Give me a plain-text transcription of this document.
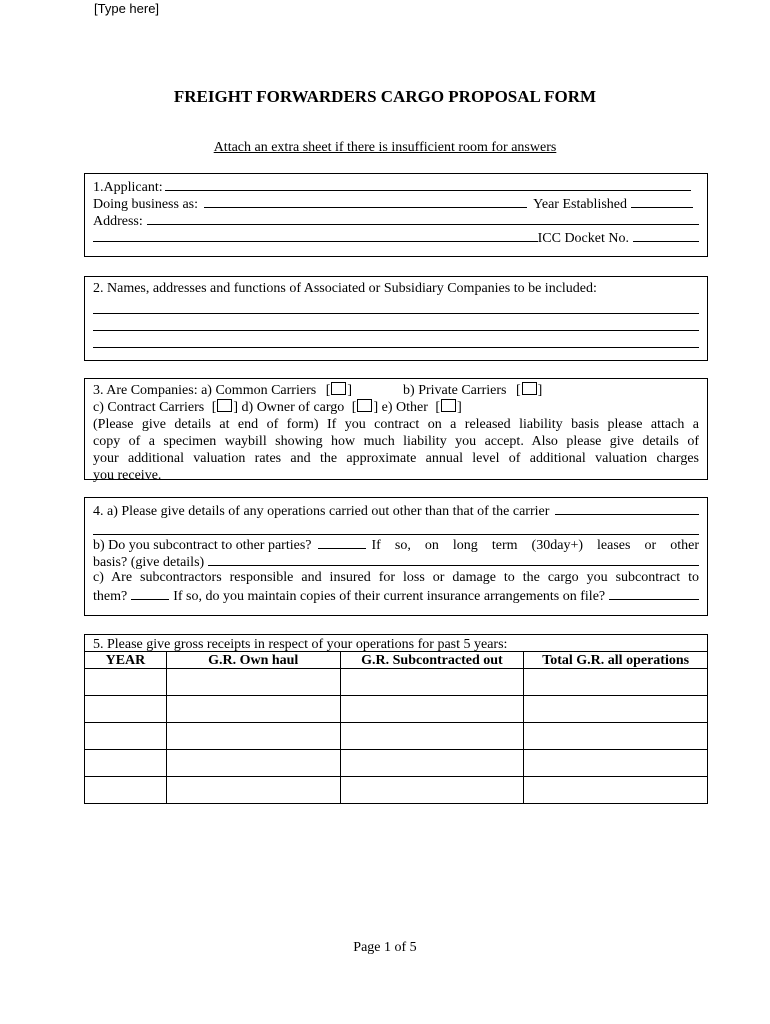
[Type here]
FREIGHT FORWARDERS CARGO PROPOSAL FORM
Attach an extra sheet if there is insufficient room for answers
1.Applicant:
Doing business as:	Year Established
Address:
ICC Docket No.
2. Names, addresses and functions of Associated or Subsidiary Companies to be included:
3. Are Companies: a) Common Carriers [ ]	b) Private Carriers [ ]
c) Contract Carriers [ ] d) Owner of cargo [ ] e) Other [ ]
(Please give details at end of form) If you contract on a released liability basis please attach a
copy of a specimen waybill showing how much liability you accept. Also please give details of
your additional valuation rates and the approximate annual level of additional valuation charges
you receive.
4. a) Please give details of any operations carried out other than that of the carrier
b) Do you subcontract to other parties?	If so, on long term (30day+) leases or other
basis? (give details)
c) Are subcontractors responsible and insured for loss or damage to the cargo you subcontract to
them?	If so, do you maintain copies of their current insurance arrangements on file?
5. Please give gross receipts in respect of your operations for past 5 years:
YEAR	G.R. Own haul	G.R. Subcontracted out	Total G.R. all operations

Page 1 of 5
